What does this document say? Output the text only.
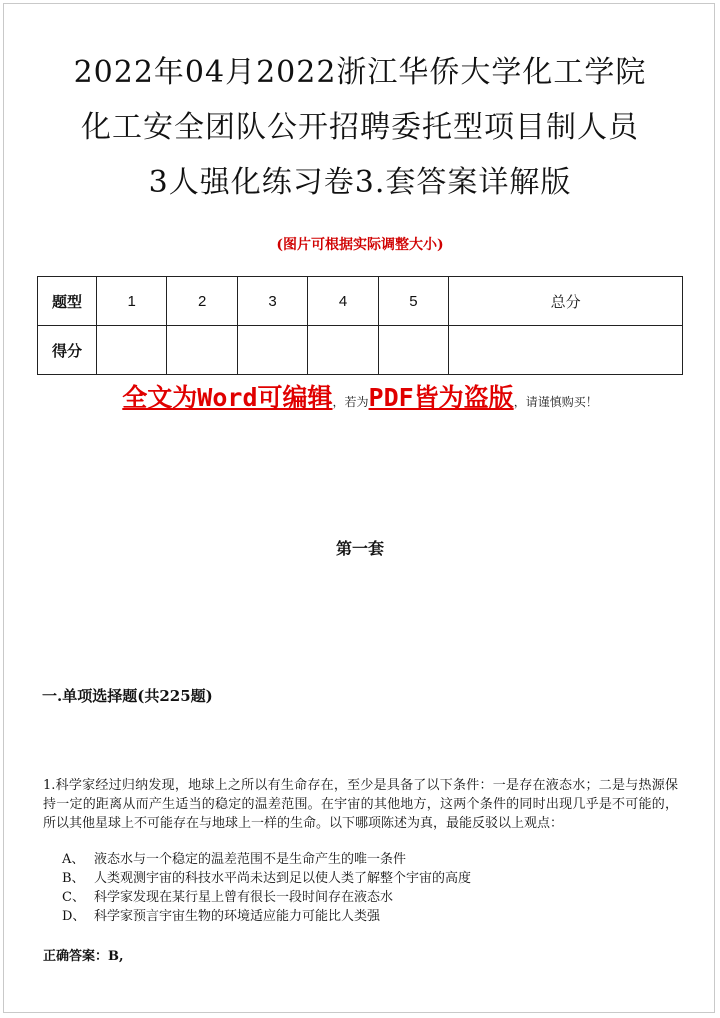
2022年04月2022浙江华侨大学化工学院
化工安全团队公开招聘委托型项目制人员
3人强化练习卷3.套答案详解版
(图片可根据实际调整大小)
题型	1	2	3	4	5	总分
得分						
全文为Word可编辑，若为PDF皆为盗版，请谨慎购买！
第一套
一.单项选择题(共225题)
1.科学家经过归纳发现，地球上之所以有生命存在，至少是具备了以下条件：一是存在液态水；二是与热源保持一定的距离从而产生适当的稳定的温差范围。在宇宙的其他地方，这两个条件的同时出现几乎是不可能的，所以其他星球上不可能存在与地球上一样的生命。以下哪项陈述为真，最能反驳以上观点：
A、 液态水与一个稳定的温差范围不是生命产生的唯一条件
B、 人类观测宇宙的科技水平尚未达到足以使人类了解整个宇宙的高度
C、 科学家发现在某行星上曾有很长一段时间存在液态水
D、 科学家预言宇宙生物的环境适应能力可能比人类强
正确答案：B,
